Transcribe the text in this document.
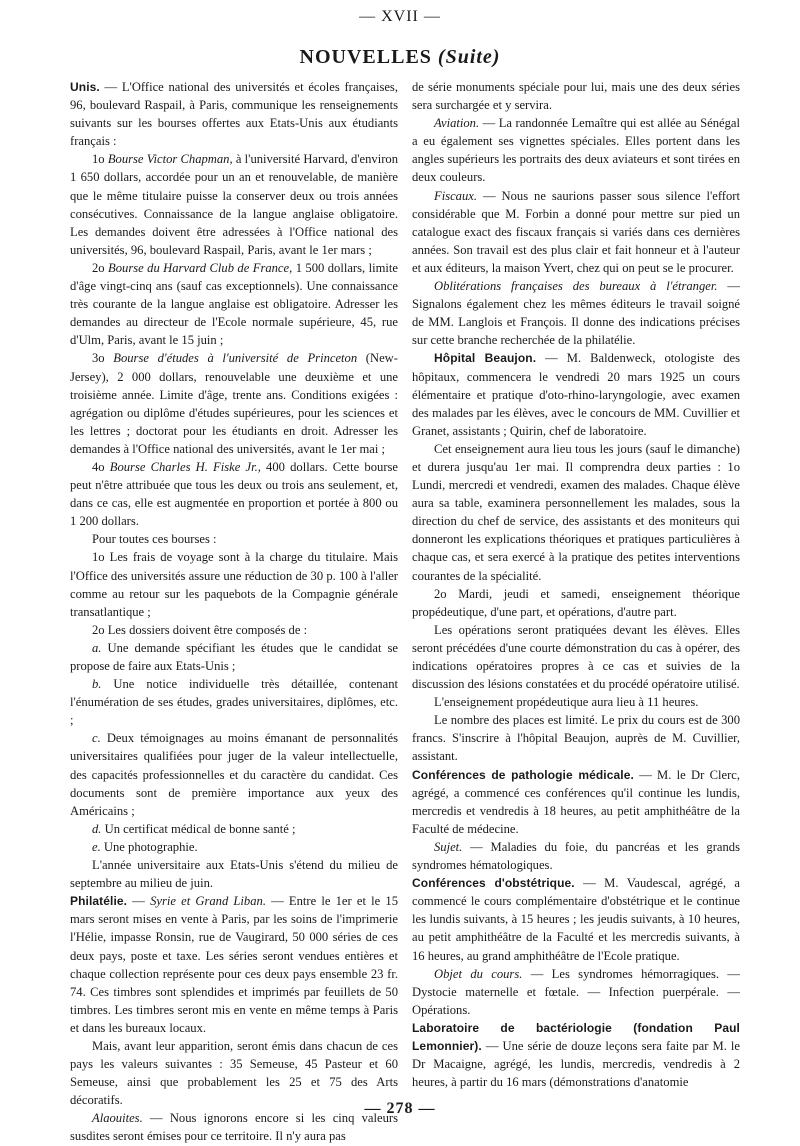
— XVII —
NOUVELLES (Suite)

Unis. — L'Office national des universités et écoles françaises, 96, boulevard Raspail, à Paris, communique les renseignements suivants sur les bourses offertes aux Etats-Unis aux étudiants français :

1o Bourse Victor Chapman, à l'université Harvard, d'environ 1 650 dollars, accordée pour un an et renouvelable, de manière que le même titulaire puisse la conserver deux ou trois années consécutives. Connaissance de la langue anglaise obligatoire. Les demandes doivent être adressées à l'Office national des universités, 96, boulevard Raspail, Paris, avant le 1er mars ;

2o Bourse du Harvard Club de France, 1 500 dollars, limite d'âge vingt-cinq ans (sauf cas exceptionnels). Une connaissance très courante de la langue anglaise est obligatoire. Adresser les demandes au directeur de l'Ecole normale supérieure, 45, rue d'Ulm, Paris, avant le 15 juin ;

3o Bourse d'études à l'université de Princeton (New-Jersey), 2 000 dollars, renouvelable une deuxième et une troisième année. Limite d'âge, trente ans. Conditions exigées : agrégation ou diplôme d'études supérieures, pour les sciences et les lettres ; doctorat pour les étudiants en droit. Adresser les demandes à l'Office national des universités, avant le 1er mai ;

4o Bourse Charles H. Fiske Jr., 400 dollars. Cette bourse peut n'être attribuée que tous les deux ou trois ans seulement, et, dans ce cas, elle est augmentée en proportion et portée à 800 ou 1 200 dollars.

Pour toutes ces bourses :

1o Les frais de voyage sont à la charge du titulaire. Mais l'Office des universités assure une réduction de 30 p. 100 à l'aller comme au retour sur les paquebots de la Compagnie générale transatlantique ;

2o Les dossiers doivent être composés de :

a. Une demande spécifiant les études que le candidat se propose de faire aux Etats-Unis ;

b. Une notice individuelle très détaillée, contenant l'énumération de ses études, grades universitaires, diplômes, etc. ;

c. Deux témoignages au moins émanant de personnalités universitaires qualifiées pour juger de la valeur intellectuelle, des capacités professionnelles et du caractère du candidat. Ces documents sont de première importance aux yeux des Américains ;

d. Un certificat médical de bonne santé ;

e. Une photographie.

L'année universitaire aux Etats-Unis s'étend du milieu de septembre au milieu de juin.

Philatélie. — Syrie et Grand Liban. — Entre le 1er et le 15 mars seront mises en vente à Paris, par les soins de l'imprimerie l'Hélie, impasse Ronsin, rue de Vaugirard, 50 000 séries de ces deux pays, poste et taxe. Les séries seront vendues entières et chaque collection représente pour ces deux pays ensemble 23 fr. 74. Ces timbres sont splendides et imprimés par feuillets de 50 timbres. Les timbres seront mis en vente en même temps à Paris et dans les bureaux locaux.

Mais, avant leur apparition, seront émis dans chacun de ces pays les valeurs suivantes : 35 Semeuse, 45 Pasteur et 60 Semeuse, ainsi que probablement les 25 et 75 des Arts décoratifs.

Alaouites. — Nous ignorons encore si les cinq valeurs susdites seront émises pour ce territoire. Il n'y aura pas

de série monuments spéciale pour lui, mais une des deux séries sera surchargée et y servira.

Aviation. — La randonnée Lemaître qui est allée au Sénégal a eu également ses vignettes spéciales. Elles portent dans les angles supérieurs les portraits des deux aviateurs et sont tirées en deux couleurs.

Fiscaux. — Nous ne saurions passer sous silence l'effort considérable que M. Forbin a donné pour mettre sur pied un catalogue exact des fiscaux français si variés dans ces dernières années. Son travail est des plus clair et fait honneur et à l'auteur et aux éditeurs, la maison Yvert, chez qui on peut se le procurer.

Oblitérations françaises des bureaux à l'étranger. — Signalons également chez les mêmes éditeurs le travail soigné de MM. Langlois et François. Il donne des indications précises sur cette branche recherchée de la philatélie.

Hôpital Beaujon. — M. Baldenweck, otologiste des hôpitaux, commencera le vendredi 20 mars 1925 un cours élémentaire et pratique d'oto-rhino-laryngologie, avec examen des malades par les élèves, avec le concours de MM. Cuvillier et Granet, assistants ; Quirin, chef de laboratoire.

Cet enseignement aura lieu tous les jours (sauf le dimanche) et durera jusqu'au 1er mai. Il comprendra deux parties : 1o Lundi, mercredi et vendredi, examen des malades. Chaque élève aura sa table, examinera personnellement les malades, sous la direction du chef de service, des assistants et des moniteurs qui donneront les explications théoriques et pratiques particulières à chaque cas, et sera exercé à la pratique des petites interventions courantes de la spécialité.

2o Mardi, jeudi et samedi, enseignement théorique propédeutique, d'une part, et opérations, d'autre part.

Les opérations seront pratiquées devant les élèves. Elles seront précédées d'une courte démonstration du cas à opérer, des indications opératoires propres à ce cas et suivies de la discussion des lésions constatées et du procédé opératoire utilisé.

L'enseignement propédeutique aura lieu à 11 heures.

Le nombre des places est limité. Le prix du cours est de 300 francs. S'inscrire à l'hôpital Beaujon, auprès de M. Cuvillier, assistant.

Conférences de pathologie médicale. — M. le Dr Clerc, agrégé, a commencé ces conférences qu'il continue les lundis, mercredis et vendredis à 18 heures, au petit amphithéâtre de la Faculté de médecine.

Sujet. — Maladies du foie, du pancréas et les grands syndromes hématologiques.

Conférences d'obstétrique. — M. Vaudescal, agrégé, a commencé le cours complémentaire d'obstétrique et le continue les lundis suivants, à 15 heures ; les jeudis suivants, à 10 heures, au petit amphithéâtre de la Faculté et les mercredis suivants, à 16 heures, au grand amphithéâtre de l'Ecole pratique.

Objet du cours. — Les syndromes hémorragiques. — Dystocie maternelle et fœtale. — Infection puerpérale. — Opérations.

Laboratoire de bactériologie (fondation Paul Lemonnier). — Une série de douze leçons sera faite par M. le Dr Macaigne, agrégé, les lundis, mercredis, vendredis à 2 heures, à partir du 16 mars (démonstrations d'anatomie

— 278 —
